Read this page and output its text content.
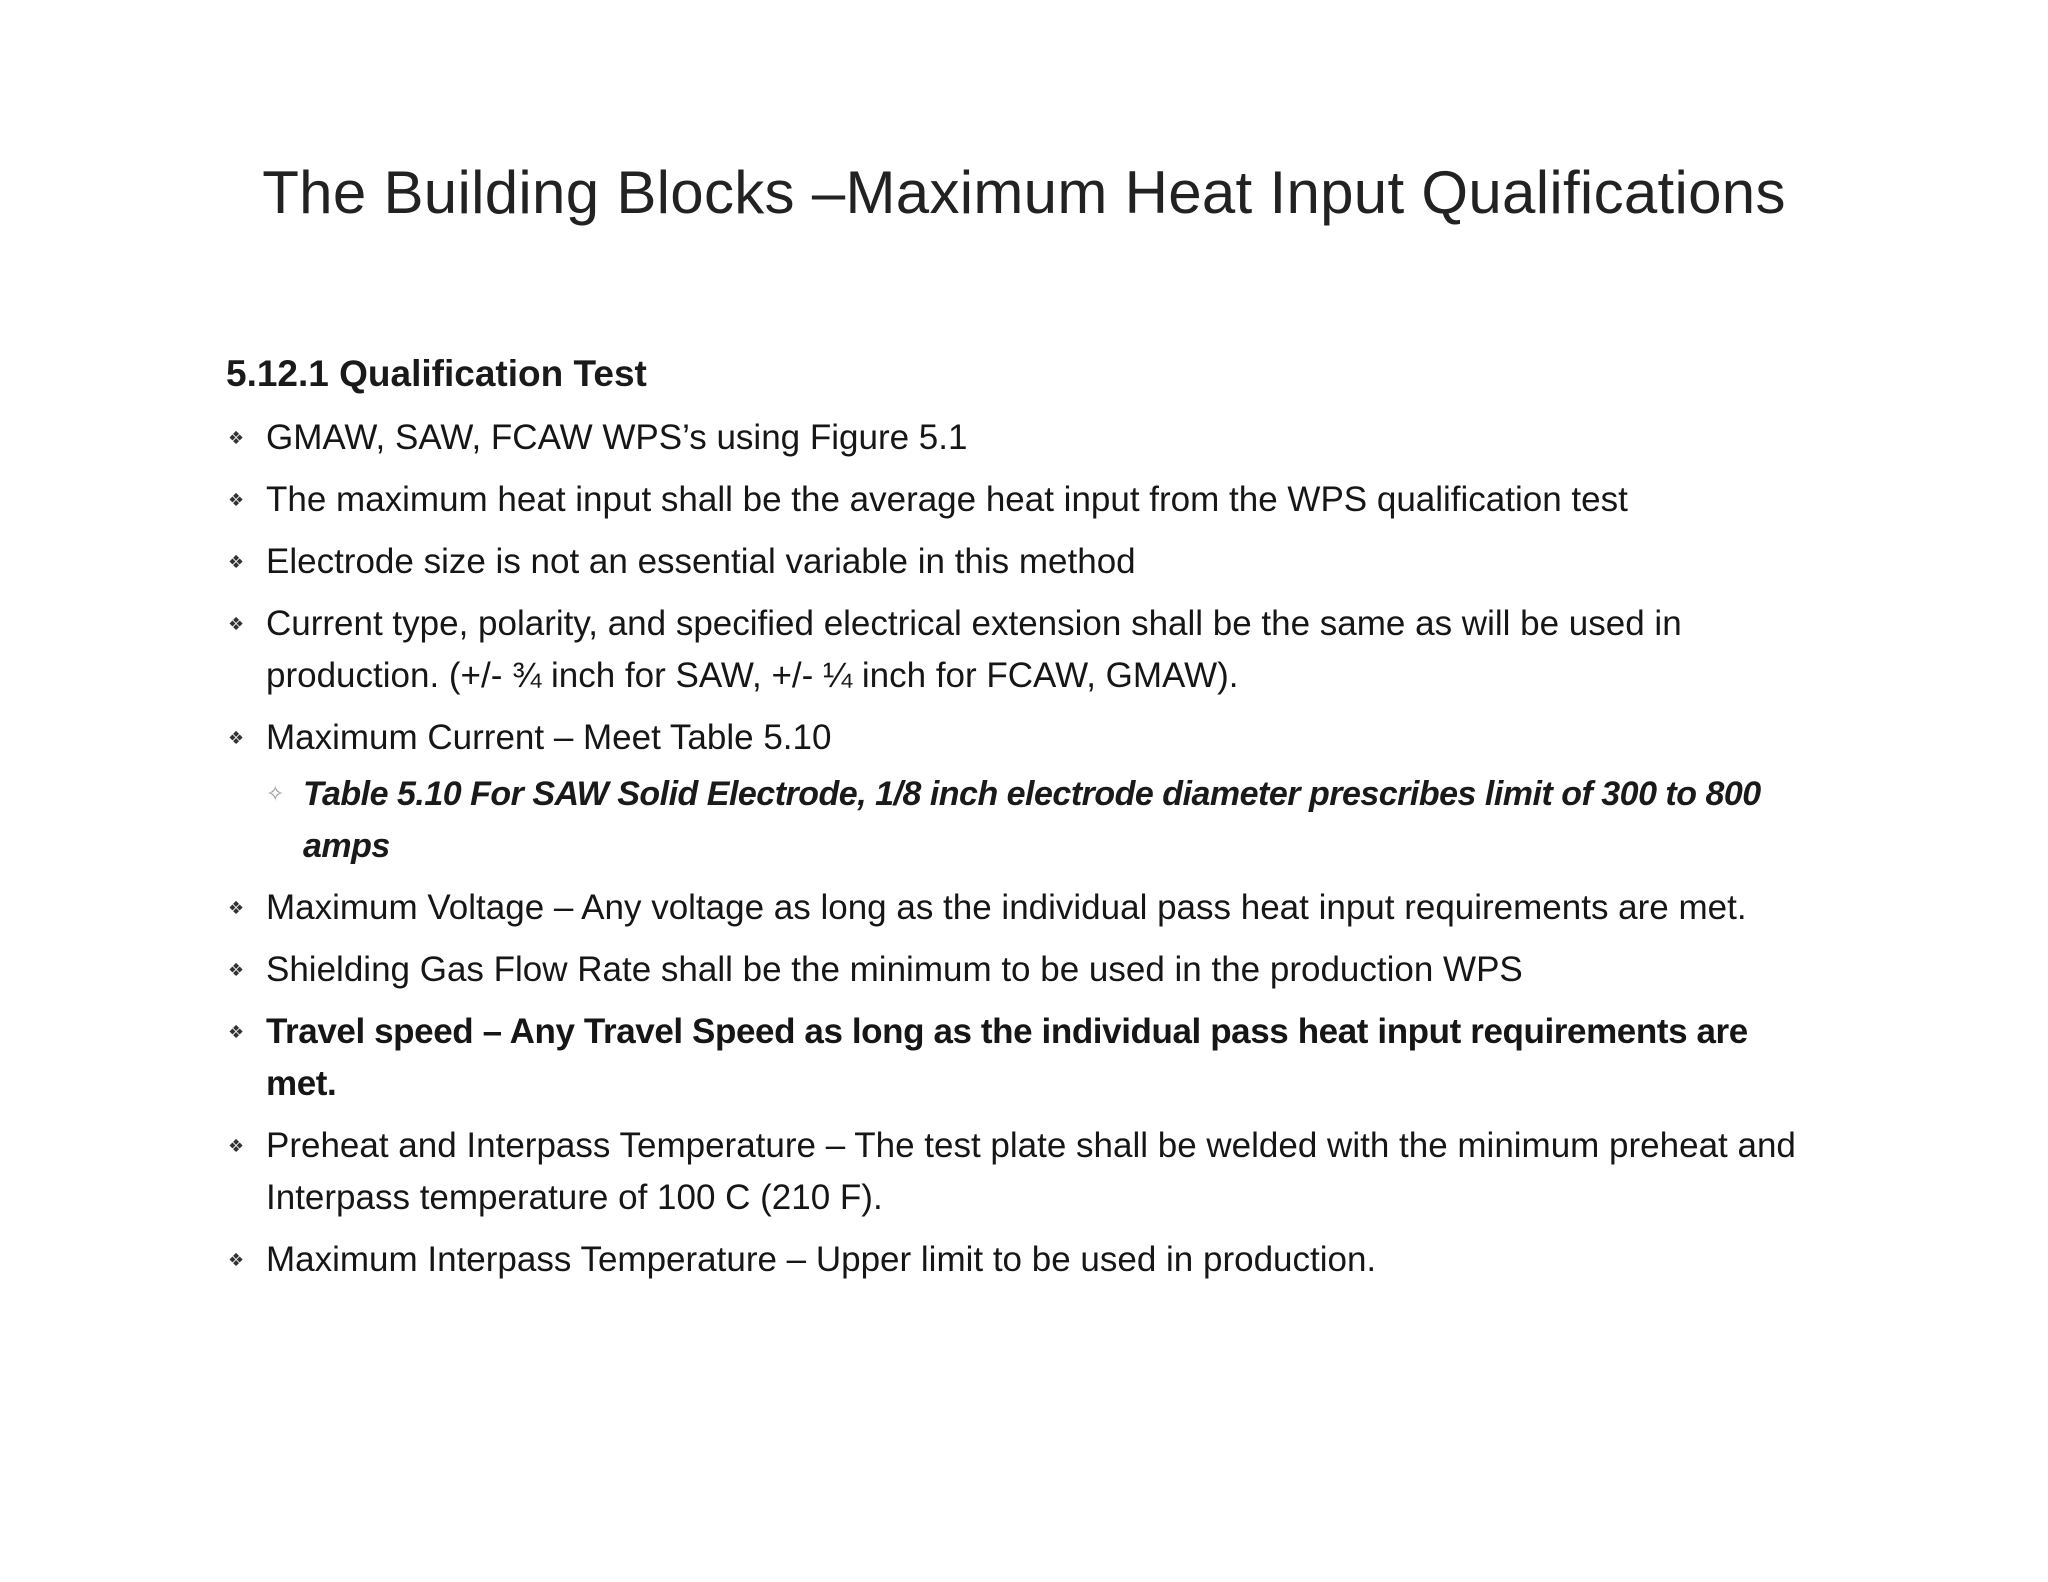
The Building Blocks –Maximum Heat Input Qualifications
5.12.1 Qualification Test
❖ GMAW, SAW, FCAW WPS’s using Figure 5.1
❖ The maximum heat input shall be the average heat input from the WPS qualification test
❖ Electrode size is not an essential variable in this method
❖ Current type, polarity, and specified electrical extension shall be the same as will be used in production. (+/- ¾ inch for SAW, +/- ¼ inch for FCAW, GMAW).
❖ Maximum Current – Meet Table 5.10
✧ Table 5.10 For SAW Solid Electrode, 1/8 inch electrode diameter prescribes limit of 300 to 800 amps
❖ Maximum Voltage – Any voltage as long as the individual pass heat input requirements are met.
❖ Shielding Gas Flow Rate shall be the minimum to be used in the production WPS
❖ Travel speed – Any Travel Speed as long as the individual pass heat input requirements are met.
❖ Preheat and Interpass Temperature – The test plate shall be welded with the minimum preheat and Interpass temperature of 100 C (210 F).
❖ Maximum Interpass Temperature – Upper limit to be used in production.
